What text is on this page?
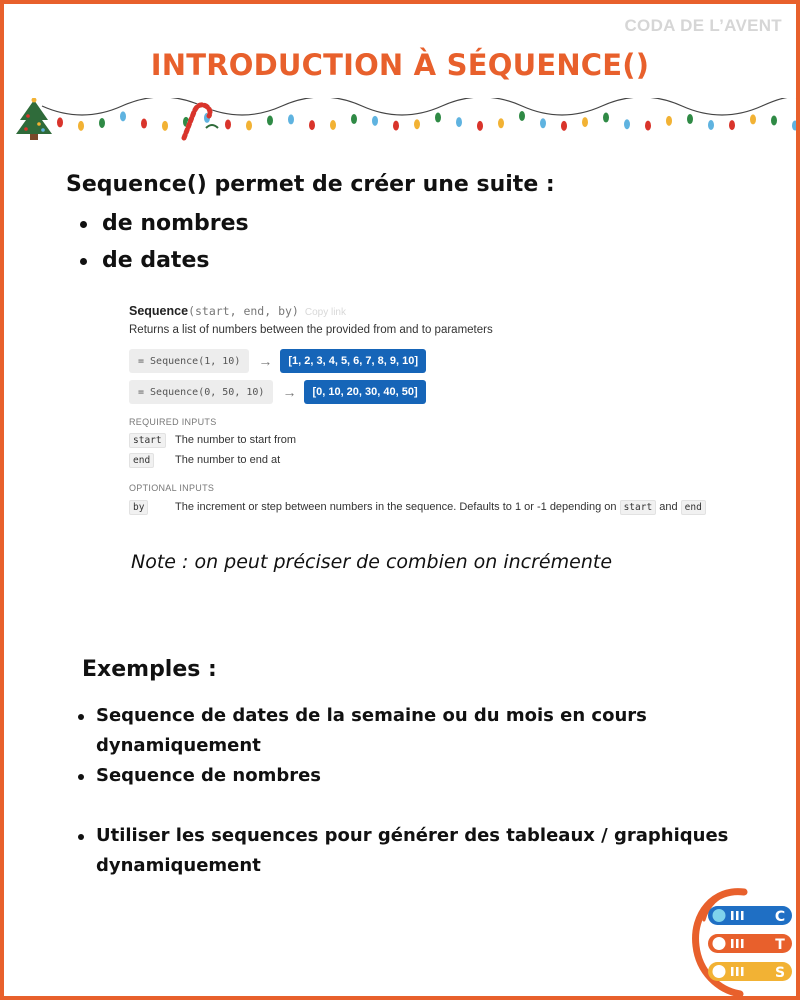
CODA DE L’AVENT
INTRODUCTION À SÉQUENCE()
Sequence() permet de créer une suite :
de nombres
de dates
Sequence(start, end, by) Copy link
Returns a list of numbers between the provided from and to parameters
= Sequence(1, 10)	→	[1, 2, 3, 4, 5, 6, 7, 8, 9, 10]
= Sequence(0, 50, 10)	→	[0, 10, 20, 30, 40, 50]
REQUIRED INPUTS
start	The number to start from
end	The number to end at
OPTIONAL INPUTS
by	The increment or step between numbers in the sequence. Defaults to 1 or -1 depending on start and end
Note : on peut préciser de combien on incrémente
Exemples :
Sequence de dates de la semaine ou du mois en cours dynamiquement
Sequence de nombres
Utiliser les sequences pour générer des tableaux / graphiques dynamiquement
C
T
S
